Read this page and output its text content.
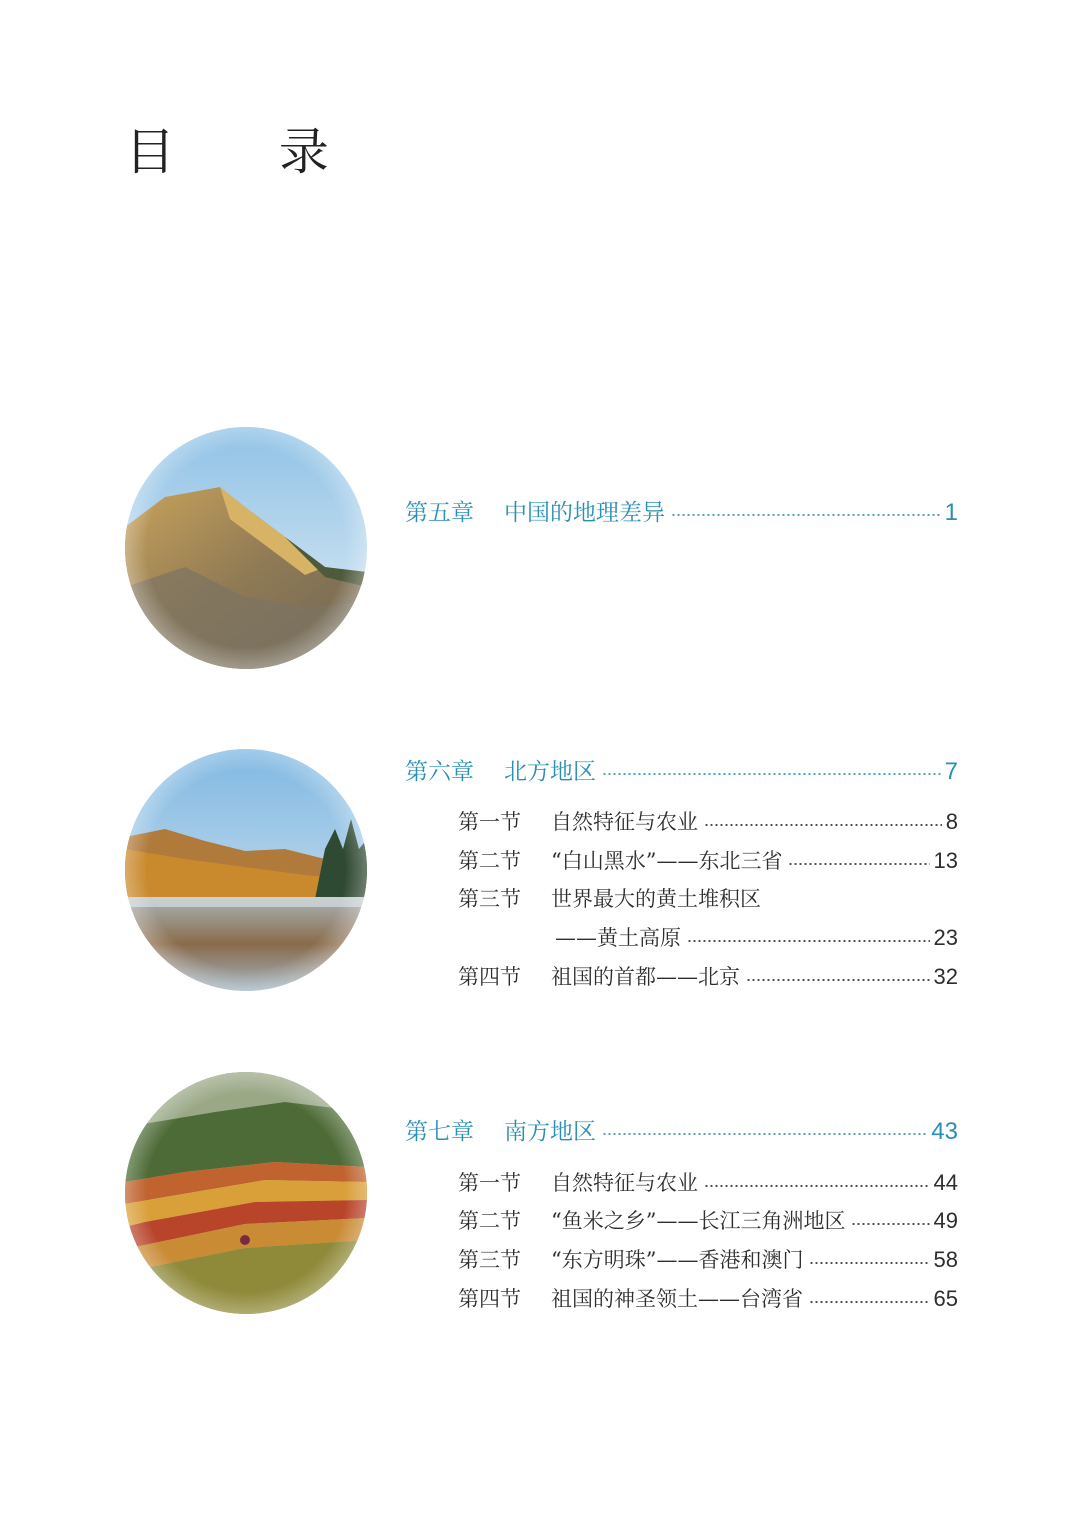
目 录
第五章 中国的地理差异	1
第六章 北方地区	7
第一节 自然特征与农业	8
第二节 “白山黑水”——东北三省	13
第三节 世界最大的黄土堆积区
——黄土高原	23
第四节 祖国的首都——北京	32
第七章 南方地区	43
第一节 自然特征与农业	44
第二节 “鱼米之乡”——长江三角洲地区	49
第三节 “东方明珠”——香港和澳门	58
第四节 祖国的神圣领土——台湾省	65
